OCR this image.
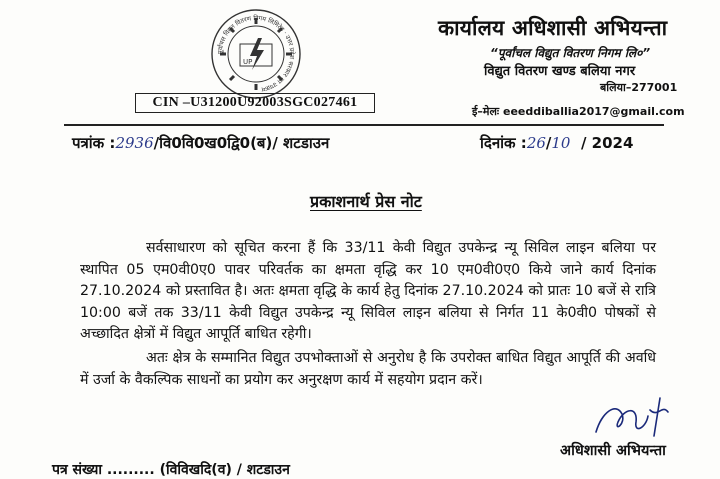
पूर्वांचल विद्युत वितरण निगम लिमिटेड · उत्तर प्रदेश सरकार का उपक्रम
UP
कार्यालय अधिशासी अभियन्ता
“पूर्वांचल विद्युत वितरण निगम लि०”
विद्युत वितरण खण्ड बलिया नगर
बलिया–277001
ई–मेलः eeeddiballia2017@gmail.com
CIN –U31200U92003SGC027461
पत्रांक :2936/वि0वि0ख0द्वि0(ब)/ शटडाउन	दिनांक :26/10 / 2024
प्रकाशनार्थ प्रेस नोट
सर्वसाधारण को सूचित करना हैं कि 33/11 केवी विद्युत उपकेन्द्र न्यू सिविल लाइन बलिया पर स्थापित 05 एम0वी0ए0 पावर परिवर्तक का क्षमता वृद्धि कर 10 एम0वी0ए0 किये जाने कार्य दिनांक 27.10.2024 को प्रस्तावित है। अतः क्षमता वृद्धि के कार्य हेतु दिनांक 27.10.2024 को प्रातः 10 बजें से रात्रि 10:00 बजें तक 33/11 केवी विद्युत उपकेन्द्र न्यू सिविल लाइन बलिया से निर्गत 11 के0वी0 पोषकों से अच्छादित क्षेत्रों में विद्युत आपूर्ति बाधित रहेगी।
अतः क्षेत्र के सम्मानित विद्युत उपभोक्ताओं से अनुरोध है कि उपरोक्त बाधित विद्युत आपूर्ति की अवधि में उर्जा के वैकल्पिक साधनों का प्रयोग कर अनुरक्षण कार्य में सहयोग प्रदान करें।
अधिशासी अभियन्ता
पत्र संख्या ......... (विविखदि(व) / शटडाउन
